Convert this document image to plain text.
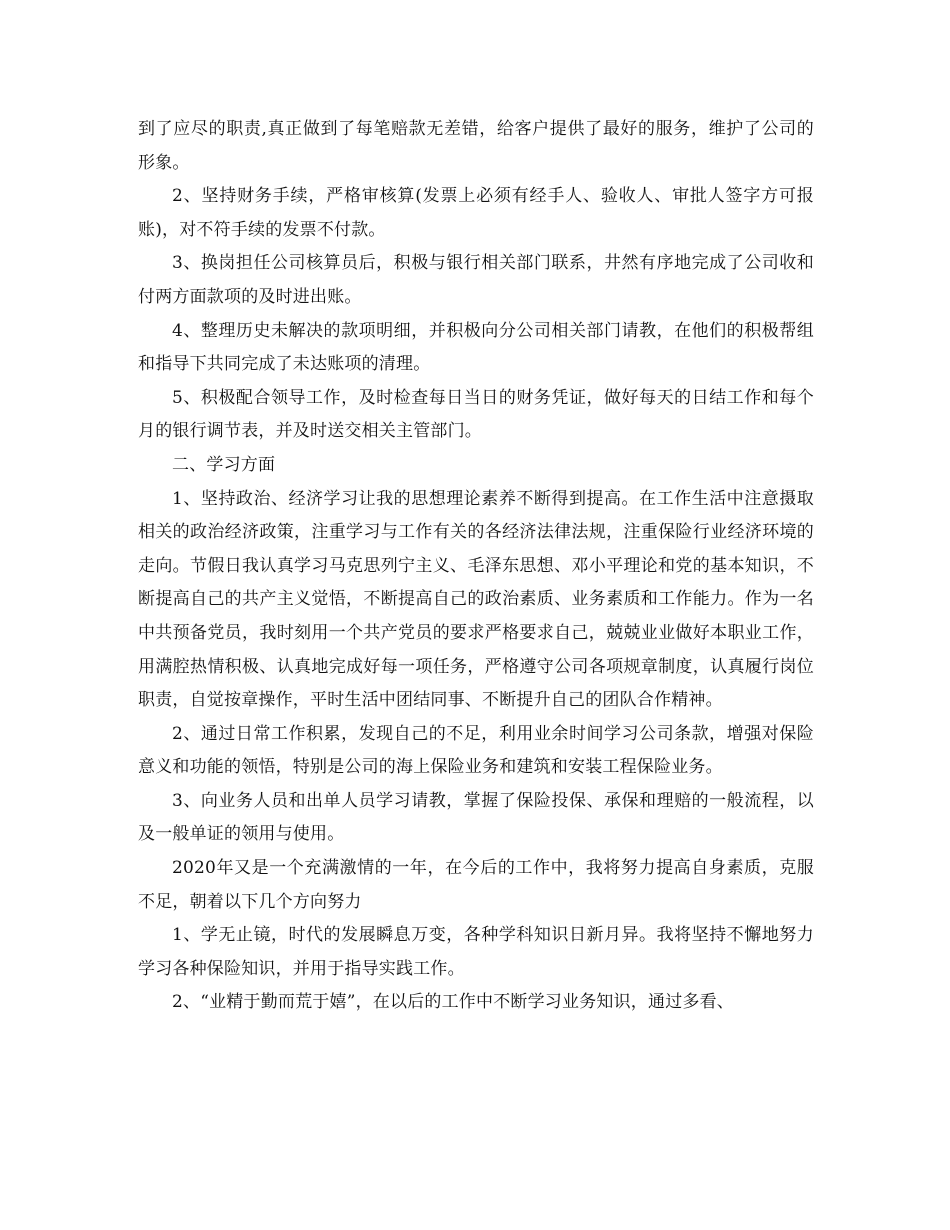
到了应尽的职责,真正做到了每笔赔款无差错，给客户提供了最好的服务，维护了公司的形象。

2、坚持财务手续，严格审核算(发票上必须有经手人、验收人、审批人签字方可报账)，对不符手续的发票不付款。

3、换岗担任公司核算员后，积极与银行相关部门联系，井然有序地完成了公司收和付两方面款项的及时进出账。

4、整理历史未解决的款项明细，并积极向分公司相关部门请教，在他们的积极帮组和指导下共同完成了未达账项的清理。

5、积极配合领导工作，及时检查每日当日的财务凭证，做好每天的日结工作和每个月的银行调节表，并及时送交相关主管部门。

二、学习方面

1、坚持政治、经济学习让我的思想理论素养不断得到提高。在工作生活中注意摄取相关的政治经济政策，注重学习与工作有关的各经济法律法规，注重保险行业经济环境的走向。节假日我认真学习马克思列宁主义、毛泽东思想、邓小平理论和党的基本知识，不断提高自己的共产主义觉悟，不断提高自己的政治素质、业务素质和工作能力。作为一名中共预备党员，我时刻用一个共产党员的要求严格要求自己，兢兢业业做好本职业工作，用满腔热情积极、认真地完成好每一项任务，严格遵守公司各项规章制度，认真履行岗位职责，自觉按章操作，平时生活中团结同事、不断提升自己的团队合作精神。

2、通过日常工作积累，发现自己的不足，利用业余时间学习公司条款，增强对保险意义和功能的领悟，特别是公司的海上保险业务和建筑和安装工程保险业务。

3、向业务人员和出单人员学习请教，掌握了保险投保、承保和理赔的一般流程，以及一般单证的领用与使用。

2020年又是一个充满激情的一年，在今后的工作中，我将努力提高自身素质，克服不足，朝着以下几个方向努力

1、学无止镜，时代的发展瞬息万变，各种学科知识日新月异。我将坚持不懈地努力学习各种保险知识，并用于指导实践工作。

2、“业精于勤而荒于嬉”，在以后的工作中不断学习业务知识，通过多看、
